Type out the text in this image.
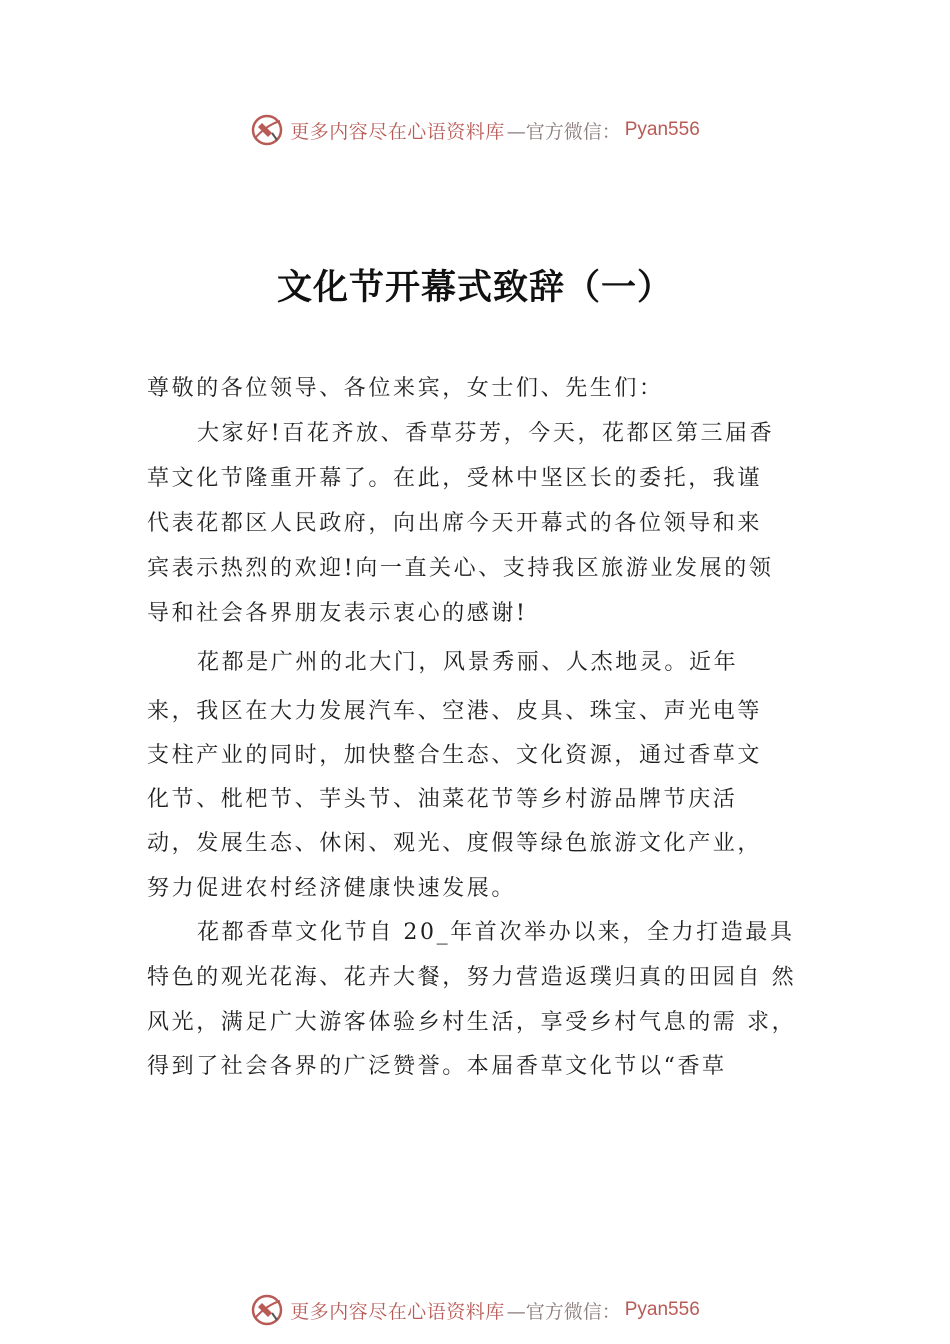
更多内容尽在心语资料库 —官方微信： Pyan556
文化节开幕式致辞（一）
尊敬的各位领导、各位来宾，女士们、先生们：
大家好!百花齐放、香草芬芳，今天，花都区第三届香
草文化节隆重开幕了。在此，受林中坚区长的委托，我谨
代表花都区人民政府，向出席今天开幕式的各位领导和来
宾表示热烈的欢迎!向一直关心、支持我区旅游业发展的领
导和社会各界朋友表示衷心的感谢!
花都是广州的北大门，风景秀丽、人杰地灵。近年
来，我区在大力发展汽车、空港、皮具、珠宝、声光电等
支柱产业的同时，加快整合生态、文化资源，通过香草文
化节、枇杷节、芋头节、油菜花节等乡村游品牌节庆活
动，发展生态、休闲、观光、度假等绿色旅游文化产业，
努力促进农村经济健康快速发展。
花都香草文化节自 20_年首次举办以来，全力打造最具
特色的观光花海、花卉大餐，努力营造返璞归真的田园自 然
风光，满足广大游客体验乡村生活，享受乡村气息的需 求，
得到了社会各界的广泛赞誉。本届香草文化节以“香草
更多内容尽在心语资料库 —官方微信： Pyan556
